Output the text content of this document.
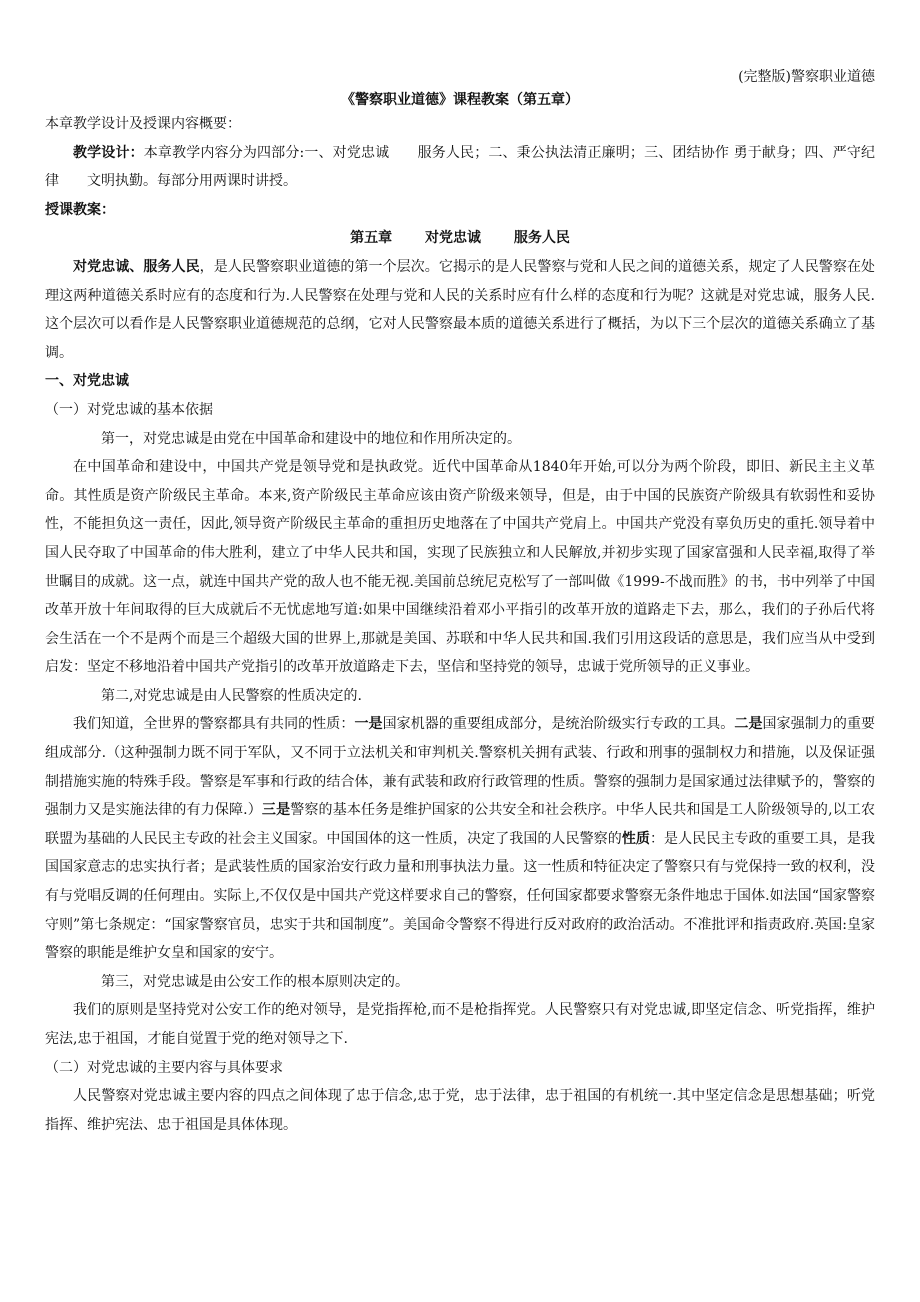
(完整版)警察职业道德
《警察职业道德》课程教案（第五章）

本章教学设计及授课内容概要：

教学设计：本章教学内容分为四部分:一、对党忠诚　　服务人民；二、秉公执法清正廉明；三、团结协作 勇于献身；四、严守纪律　　文明执勤。每部分用两课时讲授。

授课教案：

第五章 对党忠诚 服务人民

对党忠诚、服务人民，是人民警察职业道德的第一个层次。它揭示的是人民警察与党和人民之间的道德关系，规定了人民警察在处理这两种道德关系时应有的态度和行为.人民警察在处理与党和人民的关系时应有什么样的态度和行为呢？这就是对党忠诚，服务人民.这个层次可以看作是人民警察职业道德规范的总纲，它对人民警察最本质的道德关系进行了概括，为以下三个层次的道德关系确立了基调。

一、对党忠诚

（一）对党忠诚的基本依据

第一，对党忠诚是由党在中国革命和建设中的地位和作用所决定的。

在中国革命和建设中，中国共产党是领导党和是执政党。近代中国革命从1840年开始,可以分为两个阶段，即旧、新民主主义革命。其性质是资产阶级民主革命。本来,资产阶级民主革命应该由资产阶级来领导，但是，由于中国的民族资产阶级具有软弱性和妥协性，不能担负这一责任，因此,领导资产阶级民主革命的重担历史地落在了中国共产党肩上。中国共产党没有辜负历史的重托.领导着中国人民夺取了中国革命的伟大胜利，建立了中华人民共和国，实现了民族独立和人民解放,并初步实现了国家富强和人民幸福,取得了举世瞩目的成就。这一点，就连中国共产党的敌人也不能无视.美国前总统尼克松写了一部叫做《1999-不战而胜》的书，书中列举了中国改革开放十年间取得的巨大成就后不无忧虑地写道:如果中国继续沿着邓小平指引的改革开放的道路走下去，那么，我们的子孙后代将会生活在一个不是两个而是三个超级大国的世界上,那就是美国、苏联和中华人民共和国.我们引用这段话的意思是，我们应当从中受到启发：坚定不移地沿着中国共产党指引的改革开放道路走下去，坚信和坚持党的领导，忠诚于党所领导的正义事业。

第二,对党忠诚是由人民警察的性质决定的.

我们知道，全世界的警察都具有共同的性质：一是国家机器的重要组成部分，是统治阶级实行专政的工具。二是国家强制力的重要组成部分.（这种强制力既不同于军队，又不同于立法机关和审判机关.警察机关拥有武装、行政和刑事的强制权力和措施，以及保证强制措施实施的特殊手段。警察是军事和行政的结合体，兼有武装和政府行政管理的性质。警察的强制力是国家通过法律赋予的，警察的强制力又是实施法律的有力保障.）三是警察的基本任务是维护国家的公共安全和社会秩序。中华人民共和国是工人阶级领导的,以工农联盟为基础的人民民主专政的社会主义国家。中国国体的这一性质，决定了我国的人民警察的性质：是人民民主专政的重要工具，是我国国家意志的忠实执行者；是武装性质的国家治安行政力量和刑事执法力量。这一性质和特征决定了警察只有与党保持一致的权利，没有与党唱反调的任何理由。实际上,不仅仅是中国共产党这样要求自己的警察，任何国家都要求警察无条件地忠于国体.如法国“国家警察守则”第七条规定：“国家警察官员，忠实于共和国制度”。美国命令警察不得进行反对政府的政治活动。不准批评和指责政府.英国:皇家警察的职能是维护女皇和国家的安宁。

第三，对党忠诚是由公安工作的根本原则决定的。

我们的原则是坚持党对公安工作的绝对领导，是党指挥枪,而不是枪指挥党。人民警察只有对党忠诚,即坚定信念、听党指挥，维护宪法,忠于祖国，才能自觉置于党的绝对领导之下.

（二）对党忠诚的主要内容与具体要求

人民警察对党忠诚主要内容的四点之间体现了忠于信念,忠于党，忠于法律，忠于祖国的有机统一.其中坚定信念是思想基础；听党指挥、维护宪法、忠于祖国是具体体现。
